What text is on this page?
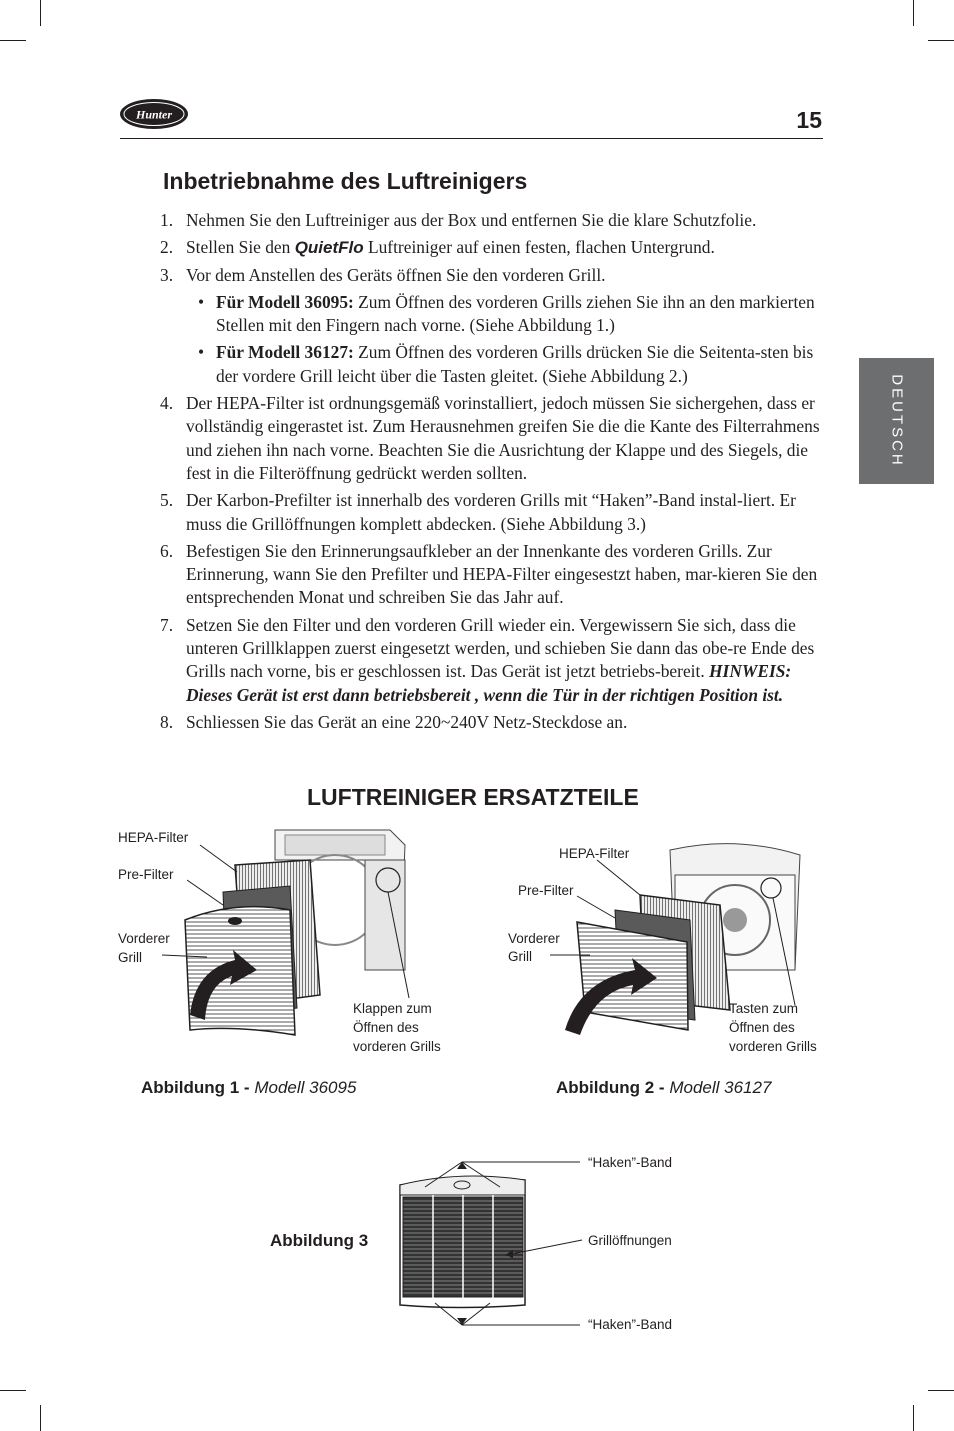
Hunter	15
DEUTSCH
Inbetriebnahme des Luftreinigers
1. Nehmen Sie den Luftreiniger aus der Box und entfernen Sie die klare Schutzfolie.
2. Stellen Sie den QuietFlo Luftreiniger auf einen festen, flachen Untergrund.
3. Vor dem Anstellen des Geräts öffnen Sie den vorderen Grill.
• Für Modell 36095: Zum Öffnen des vorderen Grills ziehen Sie ihn an den markierten Stellen mit den Fingern nach vorne. (Siehe Abbildung 1.)
• Für Modell 36127: Zum Öffnen des vorderen Grills drücken Sie die Seitenta-sten bis der vordere Grill leicht über die Tasten gleitet. (Siehe Abbildung 2.)
4. Der HEPA-Filter ist ordnungsgemäß vorinstalliert, jedoch müssen Sie sichergehen, dass er vollständig eingerastet ist. Zum Herausnehmen greifen Sie die die Kante des Filterrahmens und ziehen ihn nach vorne. Beachten Sie die Ausrichtung der Klappe und des Siegels, die fest in die Filteröffnung gedrückt werden sollten.
5. Der Karbon-Prefilter ist innerhalb des vorderen Grills mit “Haken”-Band instal-liert. Er muss die Grillöffnungen komplett abdecken. (Siehe Abbildung 3.)
6. Befestigen Sie den Erinnerungsaufkleber an der Innenkante des vorderen Grills. Zur Erinnerung, wann Sie den Prefilter und HEPA-Filter eingesestzt haben, mar-kieren Sie den entsprechenden Monat und schreiben Sie das Jahr auf.
7. Setzen Sie den Filter und den vorderen Grill wieder ein. Vergewissern Sie sich, dass die unteren Grillklappen zuerst eingesetzt werden, und schieben Sie dann das obe-re Ende des Grills nach vorne, bis er geschlossen ist. Das Gerät ist jetzt betriebs-bereit. HINWEIS: Dieses Gerät ist erst dann betriebsbereit , wenn die Tür in der richtigen Position ist.
8. Schliessen Sie das Gerät an eine 220~240V Netz-Steckdose an.
LUFTREINIGER ERSATZTEILE
HEPA-Filter
Pre-Filter
Vorderer
Grill
Klappen zum
Öffnen des
vorderen Grills
Abbildung 1 - Modell 36095
HEPA-Filter
Pre-Filter
Vorderer
Grill
Tasten zum
Öffnen des
vorderen Grills
Abbildung 2 - Modell 36127
Abbildung 3
“Haken”-Band
Grillöffnungen
“Haken”-Band
